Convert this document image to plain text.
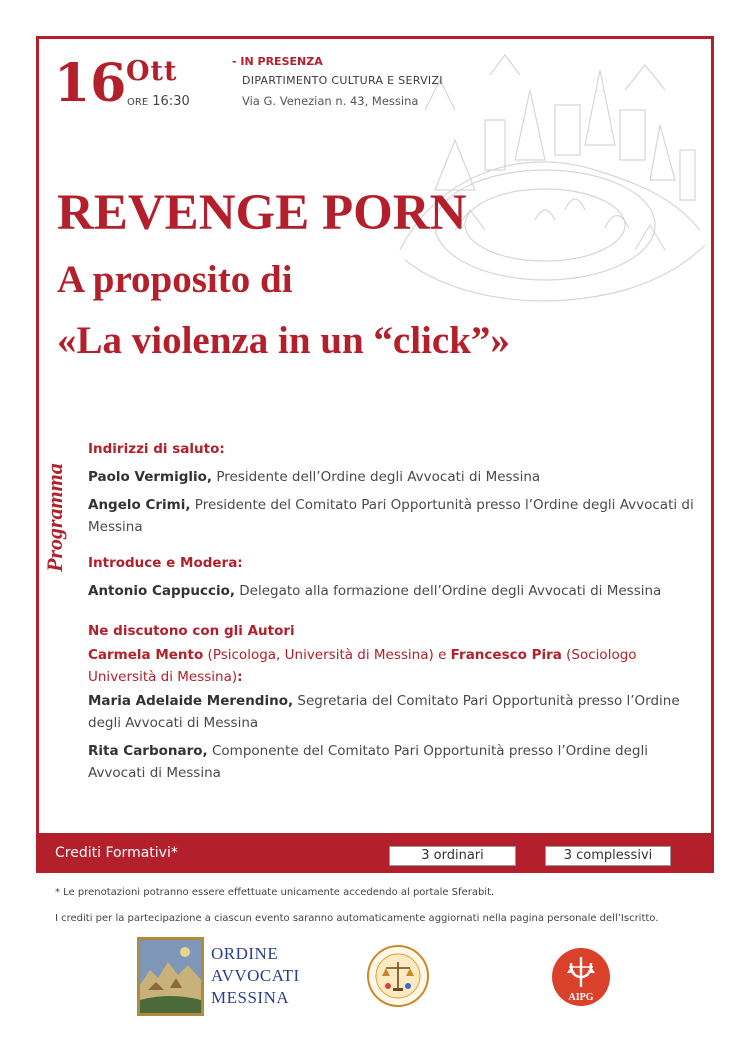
16 Ott
ORE 16:30
- IN PRESENZA
DIPARTIMENTO CULTURA E SERVIZI
Via G. Venezian n. 43, Messina
REVENGE PORN
A proposito di
«La violenza in un “click”»
Programma
Indirizzi di saluto:
Paolo Vermiglio, Presidente dell’Ordine degli Avvocati di Messina
Angelo Crimi, Presidente del Comitato Pari Opportunità presso l’Ordine degli Avvocati di Messina
Introduce e Modera:
Antonio Cappuccio, Delegato alla formazione dell’Ordine degli Avvocati di Messina
Ne discutono con gli Autori
Carmela Mento (Psicologa, Università di Messina) e Francesco Pira (Sociologo Università di Messina):
Maria Adelaide Merendino, Segretaria del Comitato Pari Opportunità presso l’Ordine degli Avvocati di Messina
Rita Carbonaro, Componente del Comitato Pari Opportunità presso l’Ordine degli Avvocati di Messina
Crediti Formativi*	3 ordinari	3 complessivi
* Le prenotazioni potranno essere effettuate unicamente accedendo al portale Sferabit.
I crediti per la partecipazione a ciascun evento saranno automaticamente aggiornati nella pagina personale dell’Iscritto.
ORDINE
AVVOCATI
MESSINA	AIPG
